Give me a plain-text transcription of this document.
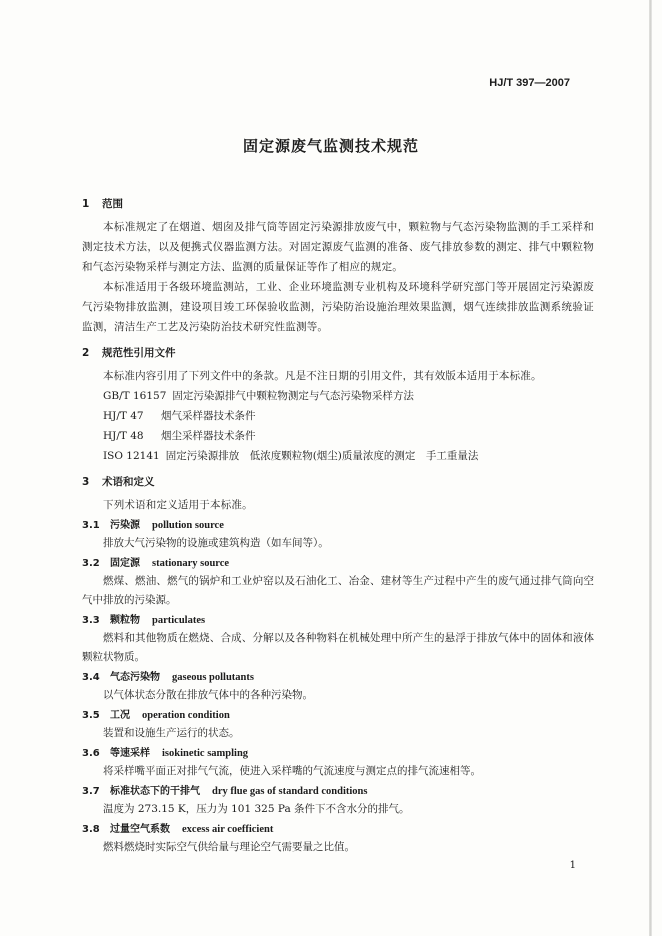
HJ/T 397—2007
固定源废气监测技术规范
1 范围

本标准规定了在烟道、烟囱及排气筒等固定污染源排放废气中，颗粒物与气态污染物监测的手工采样和测定技术方法，以及便携式仪器监测方法。对固定源废气监测的准备、废气排放参数的测定、排气中颗粒物和气态污染物采样与测定方法、监测的质量保证等作了相应的规定。

本标准适用于各级环境监测站，工业、企业环境监测专业机构及环境科学研究部门等开展固定污染源废气污染物排放监测，建设项目竣工环保验收监测，污染防治设施治理效果监测，烟气连续排放监测系统验证监测，清洁生产工艺及污染防治技术研究性监测等。

2 规范性引用文件

本标准内容引用了下列文件中的条款。凡是不注日期的引用文件，其有效版本适用于本标准。

GB/T 16157 固定污染源排气中颗粒物测定与气态污染物采样方法
HJ/T 47 烟气采样器技术条件
HJ/T 48 烟尘采样器技术条件
ISO 12141 固定污染源排放　低浓度颗粒物(烟尘)质量浓度的测定　手工重量法
3 术语和定义

下列术语和定义适用于本标准。

3.1 污染源 pollution source
排放大气污染物的设施或建筑构造（如车间等）。
3.2 固定源 stationary source
燃煤、燃油、燃气的锅炉和工业炉窑以及石油化工、冶金、建材等生产过程中产生的废气通过排气筒向空气中排放的污染源。
3.3 颗粒物 particulates
燃料和其他物质在燃烧、合成、分解以及各种物料在机械处理中所产生的悬浮于排放气体中的固体和液体颗粒状物质。
3.4 气态污染物 gaseous pollutants
以气体状态分散在排放气体中的各种污染物。
3.5 工况 operation condition
装置和设施生产运行的状态。
3.6 等速采样 isokinetic sampling
将采样嘴平面正对排气气流，使进入采样嘴的气流速度与测定点的排气流速相等。
3.7 标准状态下的干排气 dry flue gas of standard conditions
温度为 273.15 K，压力为 101 325 Pa 条件下不含水分的排气。
3.8 过量空气系数 excess air coefficient
燃料燃烧时实际空气供给量与理论空气需要量之比值。
1
